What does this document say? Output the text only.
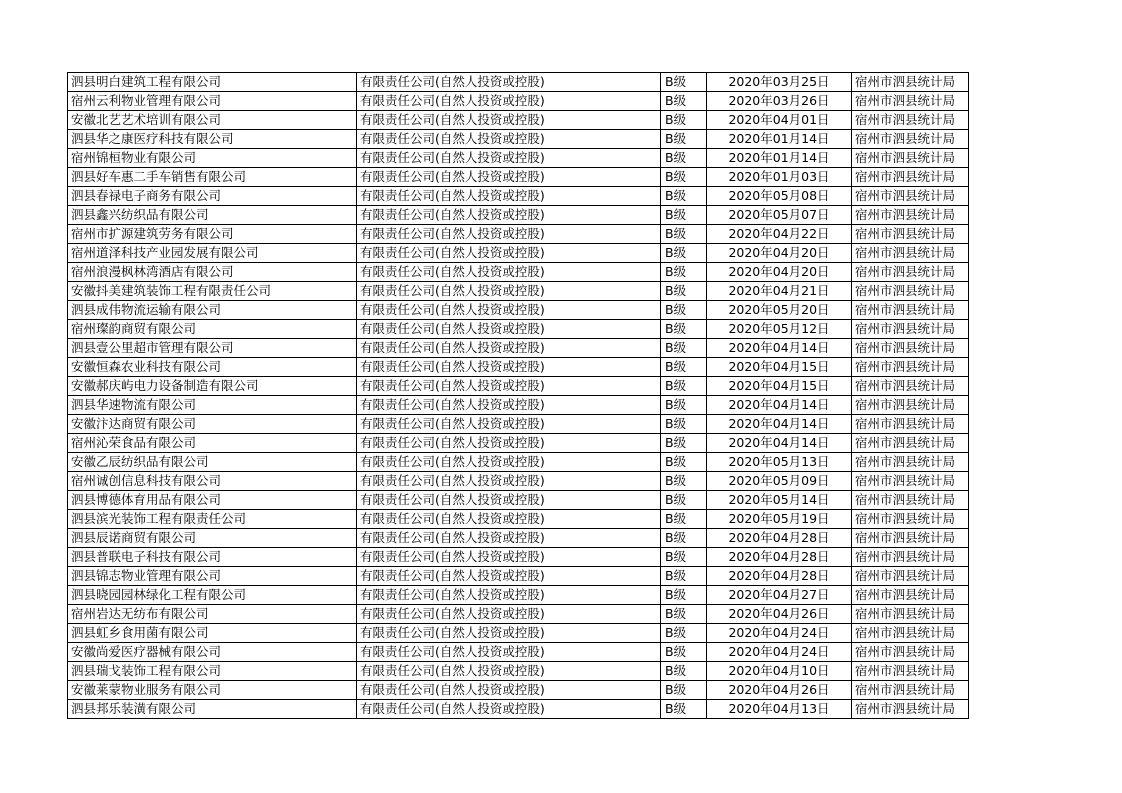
泗县明白建筑工程有限公司	有限责任公司(自然人投资或控股)	B级	2020年03月25日	宿州市泗县统计局
宿州云利物业管理有限公司	有限责任公司(自然人投资或控股)	B级	2020年03月26日	宿州市泗县统计局
安徽北艺艺术培训有限公司	有限责任公司(自然人投资或控股)	B级	2020年04月01日	宿州市泗县统计局
泗县华之康医疗科技有限公司	有限责任公司(自然人投资或控股)	B级	2020年01月14日	宿州市泗县统计局
宿州锦桓物业有限公司	有限责任公司(自然人投资或控股)	B级	2020年01月14日	宿州市泗县统计局
泗县好车惠二手车销售有限公司	有限责任公司(自然人投资或控股)	B级	2020年01月03日	宿州市泗县统计局
泗县春禄电子商务有限公司	有限责任公司(自然人投资或控股)	B级	2020年05月08日	宿州市泗县统计局
泗县鑫兴纺织品有限公司	有限责任公司(自然人投资或控股)	B级	2020年05月07日	宿州市泗县统计局
宿州市扩源建筑劳务有限公司	有限责任公司(自然人投资或控股)	B级	2020年04月22日	宿州市泗县统计局
宿州道泽科技产业园发展有限公司	有限责任公司(自然人投资或控股)	B级	2020年04月20日	宿州市泗县统计局
宿州浪漫枫林湾酒店有限公司	有限责任公司(自然人投资或控股)	B级	2020年04月20日	宿州市泗县统计局
安徽抖美建筑装饰工程有限责任公司	有限责任公司(自然人投资或控股)	B级	2020年04月21日	宿州市泗县统计局
泗县成伟物流运输有限公司	有限责任公司(自然人投资或控股)	B级	2020年05月20日	宿州市泗县统计局
宿州璨韵商贸有限公司	有限责任公司(自然人投资或控股)	B级	2020年05月12日	宿州市泗县统计局
泗县壹公里超市管理有限公司	有限责任公司(自然人投资或控股)	B级	2020年04月14日	宿州市泗县统计局
安徽恒森农业科技有限公司	有限责任公司(自然人投资或控股)	B级	2020年04月15日	宿州市泗县统计局
安徽郝庆屿电力设备制造有限公司	有限责任公司(自然人投资或控股)	B级	2020年04月15日	宿州市泗县统计局
泗县华速物流有限公司	有限责任公司(自然人投资或控股)	B级	2020年04月14日	宿州市泗县统计局
安徽汴达商贸有限公司	有限责任公司(自然人投资或控股)	B级	2020年04月14日	宿州市泗县统计局
宿州沁荣食品有限公司	有限责任公司(自然人投资或控股)	B级	2020年04月14日	宿州市泗县统计局
安徽乙辰纺织品有限公司	有限责任公司(自然人投资或控股)	B级	2020年05月13日	宿州市泗县统计局
宿州诚创信息科技有限公司	有限责任公司(自然人投资或控股)	B级	2020年05月09日	宿州市泗县统计局
泗县博德体育用品有限公司	有限责任公司(自然人投资或控股)	B级	2020年05月14日	宿州市泗县统计局
泗县滨光装饰工程有限责任公司	有限责任公司(自然人投资或控股)	B级	2020年05月19日	宿州市泗县统计局
泗县辰诺商贸有限公司	有限责任公司(自然人投资或控股)	B级	2020年04月28日	宿州市泗县统计局
泗县普联电子科技有限公司	有限责任公司(自然人投资或控股)	B级	2020年04月28日	宿州市泗县统计局
泗县锦志物业管理有限公司	有限责任公司(自然人投资或控股)	B级	2020年04月28日	宿州市泗县统计局
泗县晓园园林绿化工程有限公司	有限责任公司(自然人投资或控股)	B级	2020年04月27日	宿州市泗县统计局
宿州岩达无纺布有限公司	有限责任公司(自然人投资或控股)	B级	2020年04月26日	宿州市泗县统计局
泗县虹乡食用菌有限公司	有限责任公司(自然人投资或控股)	B级	2020年04月24日	宿州市泗县统计局
安徽尚爱医疗器械有限公司	有限责任公司(自然人投资或控股)	B级	2020年04月24日	宿州市泗县统计局
泗县瑞戈装饰工程有限公司	有限责任公司(自然人投资或控股)	B级	2020年04月10日	宿州市泗县统计局
安徽莱蒙物业服务有限公司	有限责任公司(自然人投资或控股)	B级	2020年04月26日	宿州市泗县统计局
泗县邦乐装潢有限公司	有限责任公司(自然人投资或控股)	B级	2020年04月13日	宿州市泗县统计局
